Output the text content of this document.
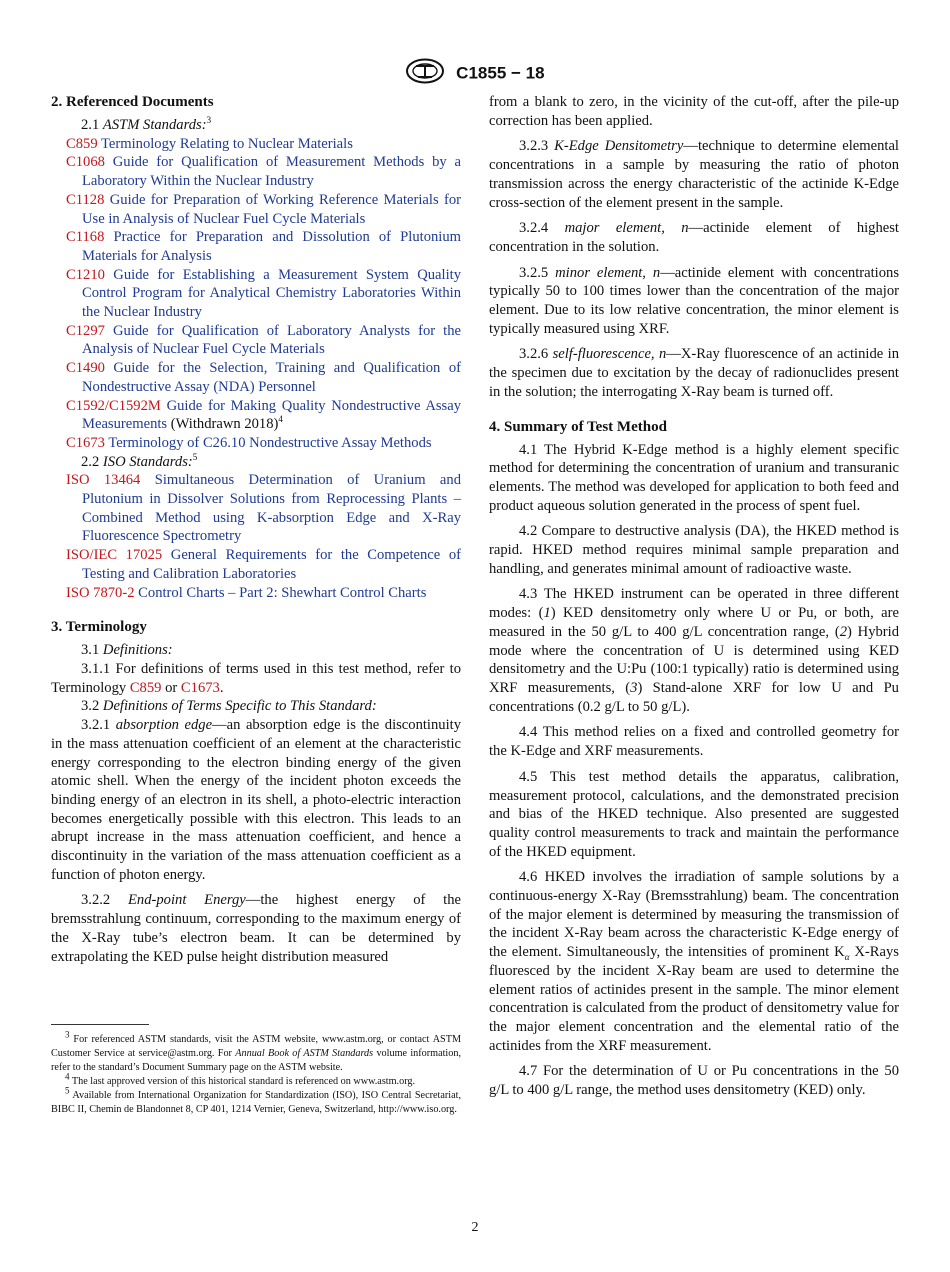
C1855 − 18
2. Referenced Documents

2.1 ASTM Standards:$^3$

C859 Terminology Relating to Nuclear Materials

C1068 Guide for Qualification of Measurement Methods by a Laboratory Within the Nuclear Industry

C1128 Guide for Preparation of Working Reference Materials for Use in Analysis of Nuclear Fuel Cycle Materials

C1168 Practice for Preparation and Dissolution of Plutonium Materials for Analysis

C1210 Guide for Establishing a Measurement System Quality Control Program for Analytical Chemistry Laboratories Within the Nuclear Industry

C1297 Guide for Qualification of Laboratory Analysts for the Analysis of Nuclear Fuel Cycle Materials

C1490 Guide for the Selection, Training and Qualification of Nondestructive Assay (NDA) Personnel

C1592/C1592M Guide for Making Quality Nondestructive Assay Measurements (Withdrawn 2018)$^4$

C1673 Terminology of C26.10 Nondestructive Assay Methods

2.2 ISO Standards:$^5$

ISO 13464 Simultaneous Determination of Uranium and Plutonium in Dissolver Solutions from Reprocessing Plants – Combined Method using K-absorption Edge and X-Ray Fluorescence Spectrometry

ISO/IEC 17025 General Requirements for the Competence of Testing and Calibration Laboratories

ISO 7870-2 Control Charts – Part 2: Shewhart Control Charts

3. Terminology

3.1 Definitions:

3.1.1 For definitions of terms used in this test method, refer to Terminology C859 or C1673.

3.2 Definitions of Terms Specific to This Standard:

3.2.1 absorption edge—an absorption edge is the discontinuity in the mass attenuation coefficient of an element at the characteristic energy corresponding to the electron binding energy of the given atomic shell. When the energy of the incident photon exceeds the binding energy of an electron in its shell, a photo-electric interaction becomes energetically possible with this electron. This leads to an abrupt increase in the mass attenuation coefficient, and hence a discontinuity in the variation of the mass attenuation coefficient as a function of photon energy.

3.2.2 End-point Energy—the highest energy of the bremsstrahlung continuum, corresponding to the maximum energy of the X-Ray tube’s electron beam. It can be determined by extrapolating the KED pulse height distribution measured

$^3$ For referenced ASTM standards, visit the ASTM website, www.astm.org, or contact ASTM Customer Service at service@astm.org. For Annual Book of ASTM Standards volume information, refer to the standard’s Document Summary page on the ASTM website.

$^4$ The last approved version of this historical standard is referenced on www.astm.org.

$^5$ Available from International Organization for Standardization (ISO), ISO Central Secretariat, BIBC II, Chemin de Blandonnet 8, CP 401, 1214 Vernier, Geneva, Switzerland, http://www.iso.org.

from a blank to zero, in the vicinity of the cut-off, after the pile-up correction has been applied.

3.2.3 K-Edge Densitometry—technique to determine elemental concentrations in a sample by measuring the ratio of photon transmission across the energy characteristic of the actinide K-Edge cross-section of the element present in the sample.

3.2.4 major element, n—actinide element of highest concentration in the solution.

3.2.5 minor element, n—actinide element with concentrations typically 50 to 100 times lower than the concentration of the major element. Due to its low relative concentration, the minor element is typically measured using XRF.

3.2.6 self-fluorescence, n—X-Ray fluorescence of an actinide in the specimen due to excitation by the decay of radionuclides present in the solution; the interrogating X-Ray beam is turned off.

4. Summary of Test Method

4.1 The Hybrid K-Edge method is a highly element specific method for determining the concentration of uranium and transuranic elements. The method was developed for application to both feed and product aqueous solution generated in the process of spent fuel.

4.2 Compare to destructive analysis (DA), the HKED method is rapid. HKED method requires minimal sample preparation and handling, and generates minimal amount of radioactive waste.

4.3 The HKED instrument can be operated in three different modes: (1) KED densitometry only where U or Pu, or both, are measured in the 50 g/L to 400 g/L concentration range, (2) Hybrid mode where the concentration of U is determined using KED densitometry and the U:Pu (100:1 typically) ratio is determined using XRF measurements, (3) Stand-alone XRF for low U and Pu concentrations (0.2 g/L to 50 g/L).

4.4 This method relies on a fixed and controlled geometry for the K-Edge and XRF measurements.

4.5 This test method details the apparatus, calibration, measurement protocol, calculations, and the demonstrated precision and bias of the HKED technique. Also presented are suggested quality control measurements to track and maintain the performance of the HKED equipment.

4.6 HKED involves the irradiation of sample solutions by a continuous-energy X-Ray (Bremsstrahlung) beam. The concentration of the major element is determined by measuring the transmission of the incident X-Ray beam across the characteristic K-Edge energy of the element. Simultaneously, the intensities of prominent $K_\alpha$ X-Rays fluoresced by the incident X-Ray beam are used to determine the element ratios of actinides present in the sample. The minor element concentration is calculated from the product of densitometry value for the major element concentration and the elemental ratio of the actinides from the XRF measurement.

4.7 For the determination of U or Pu concentrations in the 50 g/L to 400 g/L range, the method uses densitometry (KED) only.

2
